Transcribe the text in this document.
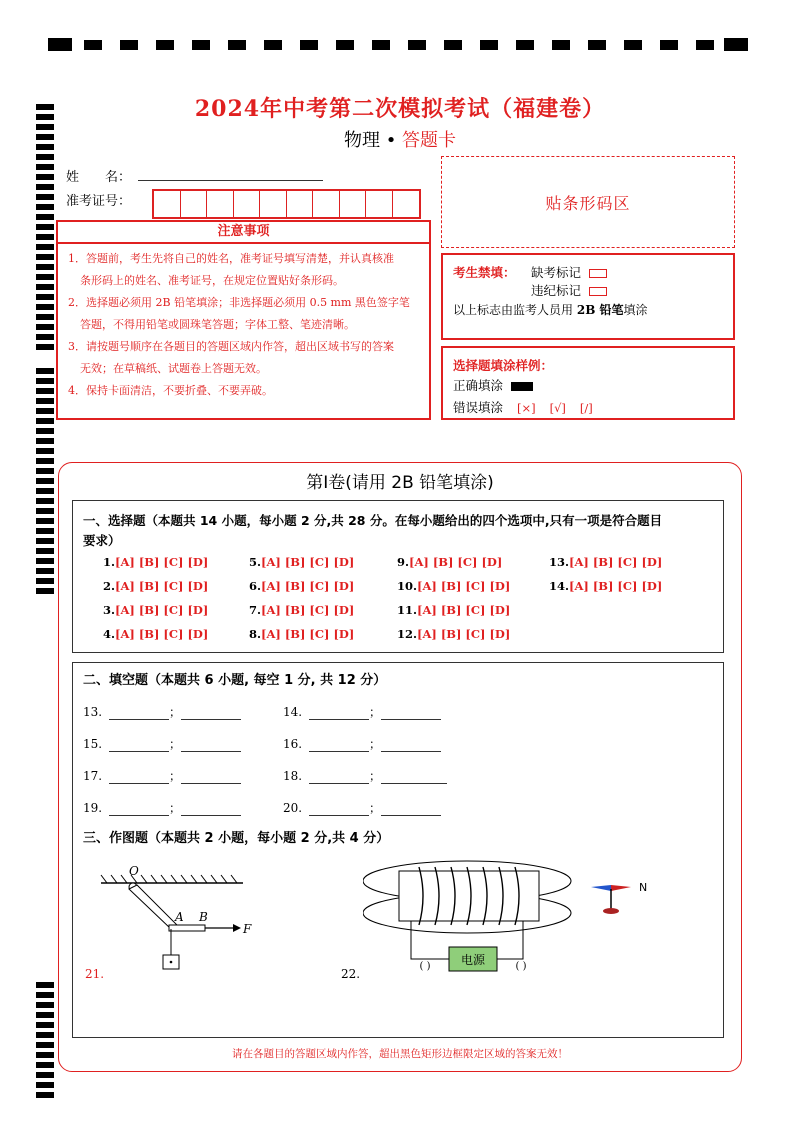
2024年中考第二次模拟考试（福建卷）
物理 • 答题卡
姓　　名：
准考证号：	贴条形码区
注意事项

1．答题前，考生先将自己的姓名，准考证号填写清楚，并认真核准

条形码上的姓名、准考证号，在规定位置贴好条形码。

2．选择题必须用 2B 铅笔填涂；非选择题必须用 0.5 mm 黑色签字笔

答题，不得用铅笔或圆珠笔答题；字体工整、笔迹清晰。

3．请按题号顺序在各题目的答题区域内作答，超出区域书写的答案

无效；在草稿纸、试题卷上答题无效。

4．保持卡面清洁，不要折叠、不要弄破。

考生禁填： 缺考标记
违纪标记
以上标志由监考人员用 2B 铅笔填涂
选择题填涂样例：
正确填涂
错误填涂 [×] [√] [/]
第Ⅰ卷(请用 2B 铅笔填涂)
一、选择题（本题共 14 小题，每小题 2 分,共 28 分。在每小题给出的四个选项中,只有一项是符合题目
要求）
1.[A] [B] [C] [D]
2.[A] [B] [C] [D]
3.[A] [B] [C] [D]
4.[A] [B] [C] [D]
5.[A] [B] [C] [D]
6.[A] [B] [C] [D]
7.[A] [B] [C] [D]
8.[A] [B] [C] [D]
9.[A] [B] [C] [D]
10.[A] [B] [C] [D]
11.[A] [B] [C] [D]
12.[A] [B] [C] [D]
13.[A] [B] [C] [D]
14.[A] [B] [C] [D]
二、填空题（本题共 6 小题, 每空 1 分, 共 12 分）
13.	；	14.	；
15.	；	16.	；
17.	；	18.	；
19.	；	20.	；
三、作图题（本题共 2 小题，每小题 2 分,共 4 分）
O
A B
F
21.
电源
( )	( )
N
22.
请在各题目的答题区域内作答，超出黑色矩形边框限定区域的答案无效！
